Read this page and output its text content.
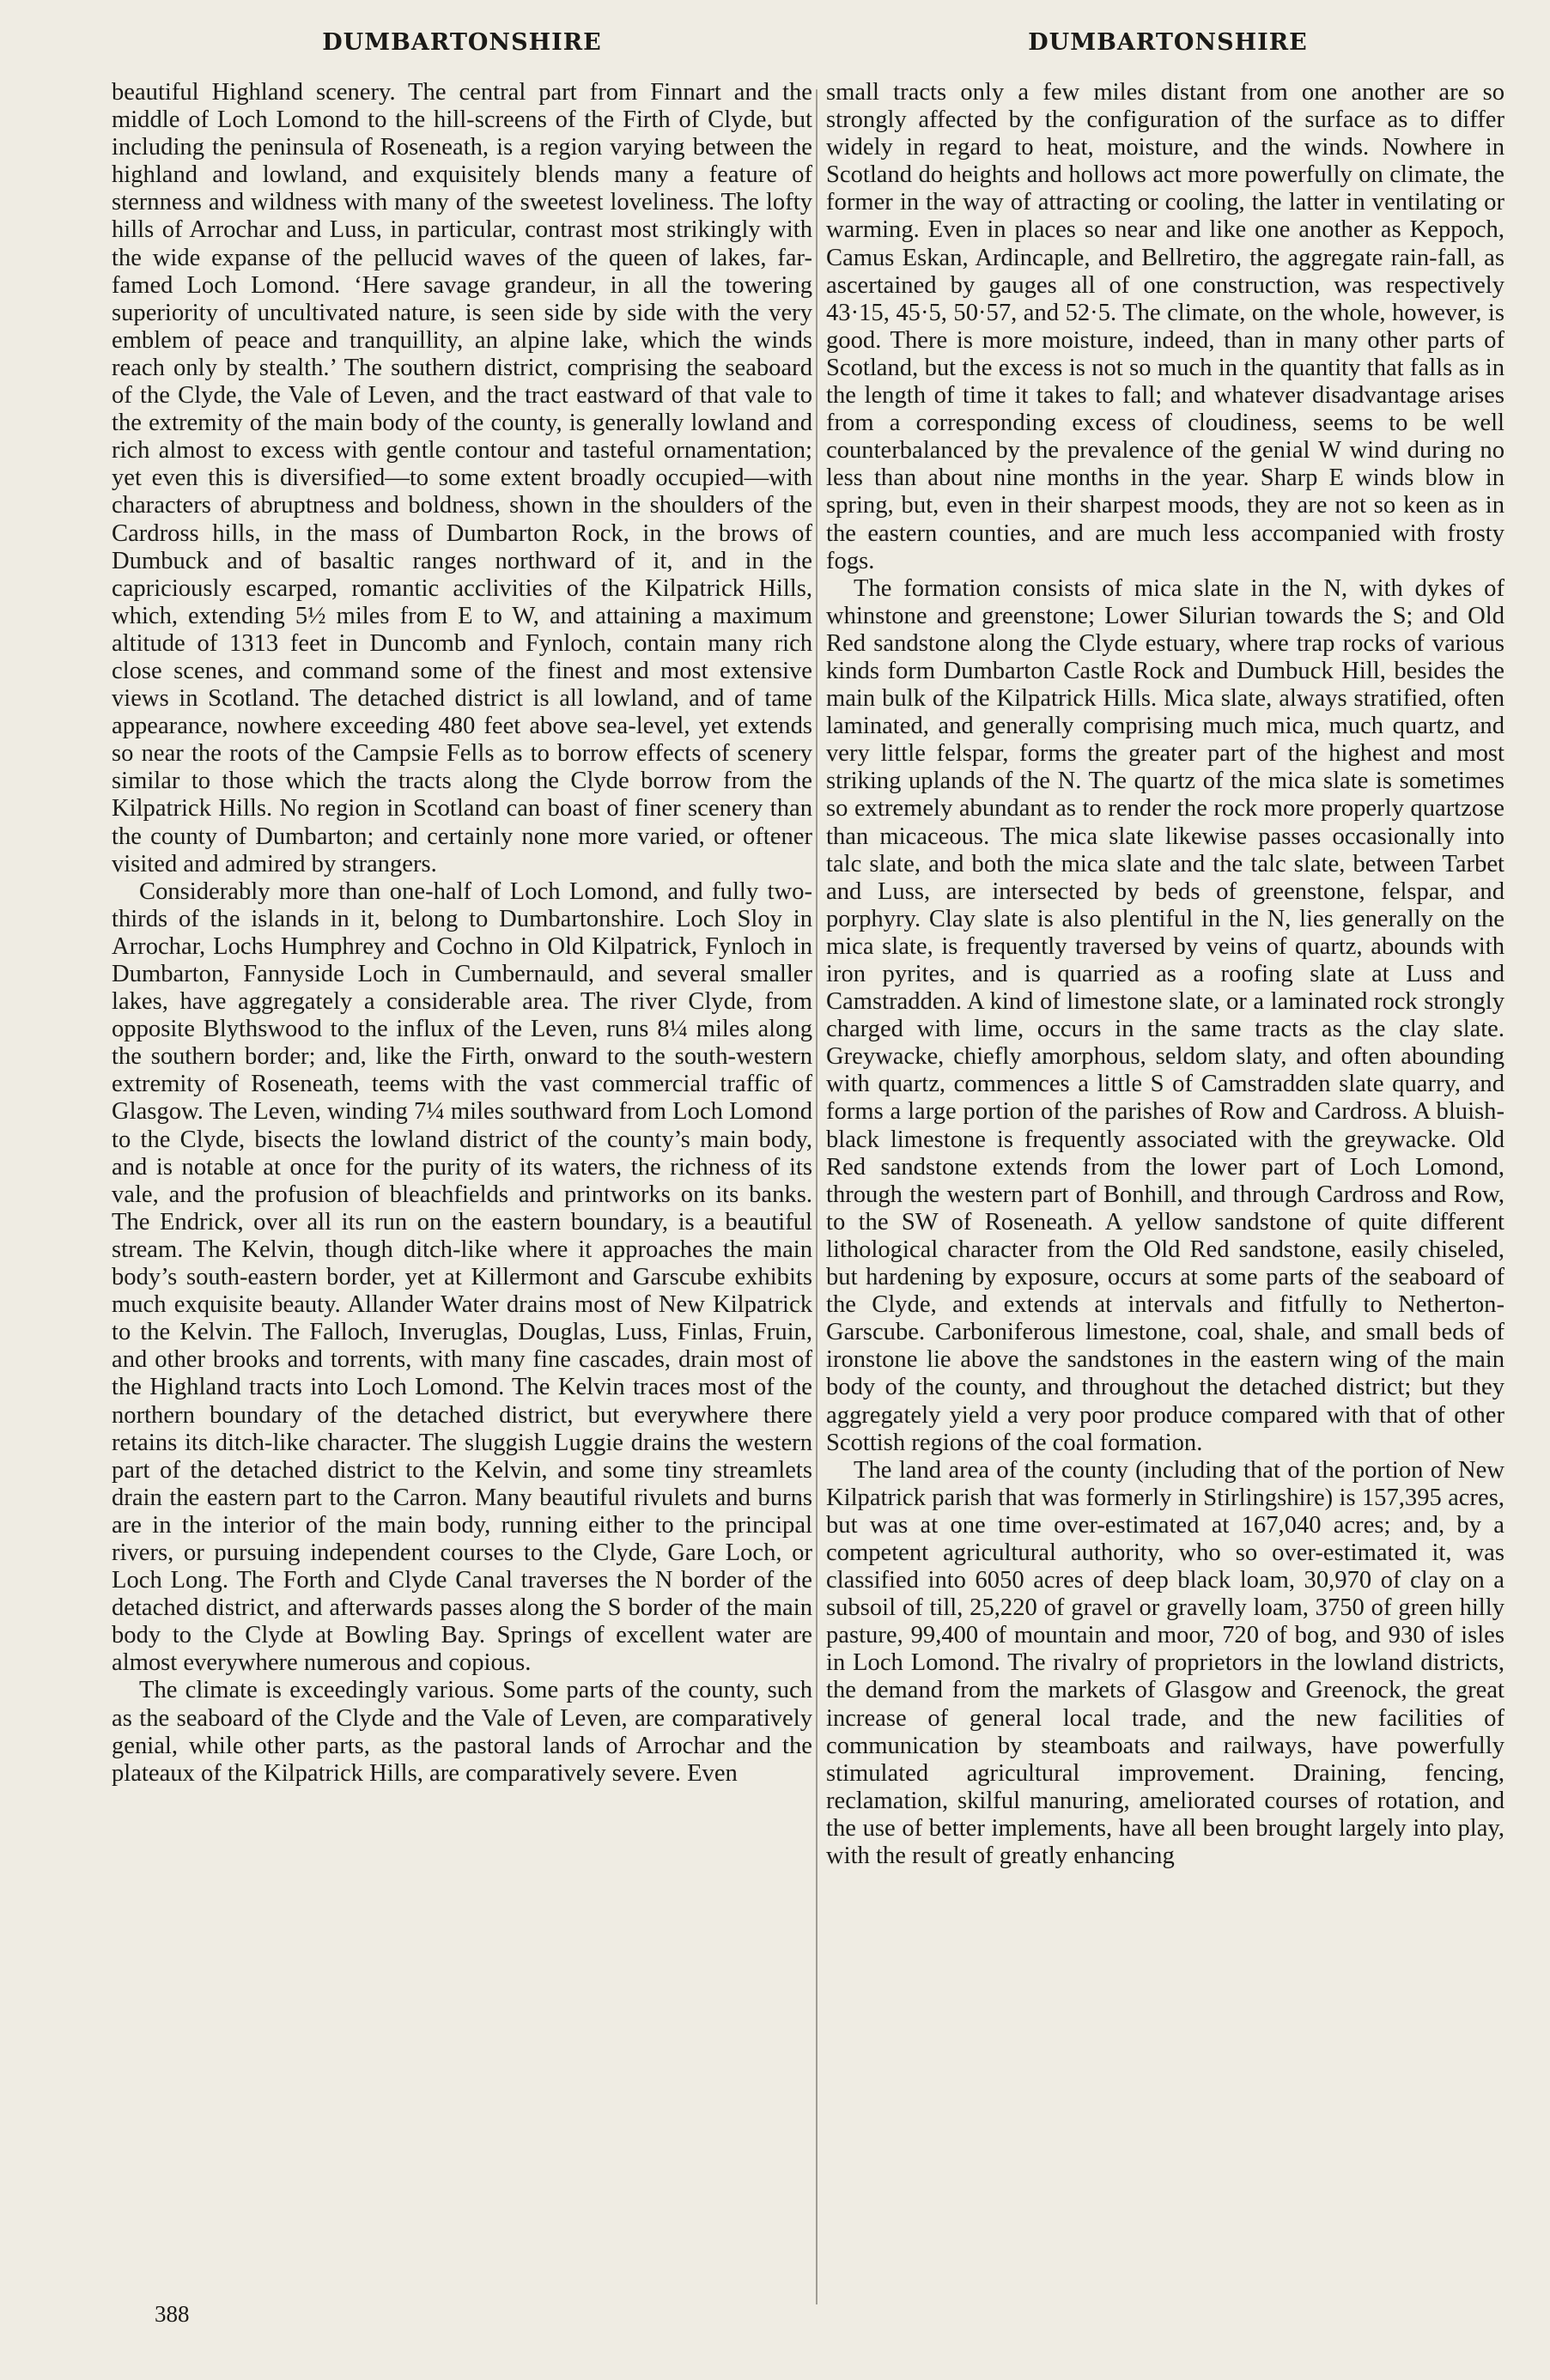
DUMBARTONSHIRE	DUMBARTONSHIRE

beautiful Highland scenery. The central part from Finnart and the middle of Loch Lomond to the hill-screens of the Firth of Clyde, but including the peninsula of Roseneath, is a region varying between the highland and lowland, and exquisitely blends many a feature of sternness and wildness with many of the sweetest loveliness. The lofty hills of Arrochar and Luss, in particular, contrast most strikingly with the wide expanse of the pellucid waves of the queen of lakes, far-famed Loch Lomond. ‘Here savage grandeur, in all the towering superiority of uncultivated nature, is seen side by side with the very emblem of peace and tranquillity, an alpine lake, which the winds reach only by stealth.’ The southern district, comprising the seaboard of the Clyde, the Vale of Leven, and the tract eastward of that vale to the extremity of the main body of the county, is generally lowland and rich almost to excess with gentle contour and tasteful ornamentation; yet even this is diversified—to some extent broadly occupied—with characters of abruptness and boldness, shown in the shoulders of the Cardross hills, in the mass of Dumbarton Rock, in the brows of Dumbuck and of basaltic ranges northward of it, and in the capriciously escarped, romantic acclivities of the Kilpatrick Hills, which, extending 5½ miles from E to W, and attaining a maximum altitude of 1313 feet in Duncomb and Fynloch, contain many rich close scenes, and command some of the finest and most extensive views in Scotland. The detached district is all lowland, and of tame appearance, nowhere exceeding 480 feet above sea-level, yet extends so near the roots of the Campsie Fells as to borrow effects of scenery similar to those which the tracts along the Clyde borrow from the Kilpatrick Hills. No region in Scotland can boast of finer scenery than the county of Dumbarton; and certainly none more varied, or oftener visited and admired by strangers.

Considerably more than one-half of Loch Lomond, and fully two-thirds of the islands in it, belong to Dumbartonshire. Loch Sloy in Arrochar, Lochs Humphrey and Cochno in Old Kilpatrick, Fynloch in Dumbarton, Fannyside Loch in Cumbernauld, and several smaller lakes, have aggregately a considerable area. The river Clyde, from opposite Blythswood to the influx of the Leven, runs 8¼ miles along the southern border; and, like the Firth, onward to the south-western extremity of Roseneath, teems with the vast commercial traffic of Glasgow. The Leven, winding 7¼ miles southward from Loch Lomond to the Clyde, bisects the lowland district of the county’s main body, and is notable at once for the purity of its waters, the richness of its vale, and the profusion of bleachfields and printworks on its banks. The Endrick, over all its run on the eastern boundary, is a beautiful stream. The Kelvin, though ditch-like where it approaches the main body’s south-eastern border, yet at Killermont and Garscube exhibits much exquisite beauty. Allander Water drains most of New Kilpatrick to the Kelvin. The Falloch, Inveruglas, Douglas, Luss, Finlas, Fruin, and other brooks and torrents, with many fine cascades, drain most of the Highland tracts into Loch Lomond. The Kelvin traces most of the northern boundary of the detached district, but everywhere there retains its ditch-like character. The sluggish Luggie drains the western part of the detached district to the Kelvin, and some tiny streamlets drain the eastern part to the Carron. Many beautiful rivulets and burns are in the interior of the main body, running either to the principal rivers, or pursuing independent courses to the Clyde, Gare Loch, or Loch Long. The Forth and Clyde Canal traverses the N border of the detached district, and afterwards passes along the S border of the main body to the Clyde at Bowling Bay. Springs of excellent water are almost everywhere numerous and copious.

The climate is exceedingly various. Some parts of the county, such as the seaboard of the Clyde and the Vale of Leven, are comparatively genial, while other parts, as the pastoral lands of Arrochar and the plateaux of the Kilpatrick Hills, are comparatively severe. Even

small tracts only a few miles distant from one another are so strongly affected by the configuration of the surface as to differ widely in regard to heat, moisture, and the winds. Nowhere in Scotland do heights and hollows act more powerfully on climate, the former in the way of attracting or cooling, the latter in ventilating or warming. Even in places so near and like one another as Keppoch, Camus Eskan, Ardincaple, and Bellretiro, the aggregate rain-fall, as ascertained by gauges all of one construction, was respectively 43·15, 45·5, 50·57, and 52·5. The climate, on the whole, however, is good. There is more moisture, indeed, than in many other parts of Scotland, but the excess is not so much in the quantity that falls as in the length of time it takes to fall; and whatever disadvantage arises from a corresponding excess of cloudiness, seems to be well counterbalanced by the prevalence of the genial W wind during no less than about nine months in the year. Sharp E winds blow in spring, but, even in their sharpest moods, they are not so keen as in the eastern counties, and are much less accompanied with frosty fogs.

The formation consists of mica slate in the N, with dykes of whinstone and greenstone; Lower Silurian towards the S; and Old Red sandstone along the Clyde estuary, where trap rocks of various kinds form Dumbarton Castle Rock and Dumbuck Hill, besides the main bulk of the Kilpatrick Hills. Mica slate, always stratified, often laminated, and generally comprising much mica, much quartz, and very little felspar, forms the greater part of the highest and most striking uplands of the N. The quartz of the mica slate is sometimes so extremely abundant as to render the rock more properly quartzose than micaceous. The mica slate likewise passes occasionally into talc slate, and both the mica slate and the talc slate, between Tarbet and Luss, are intersected by beds of greenstone, felspar, and porphyry. Clay slate is also plentiful in the N, lies generally on the mica slate, is frequently traversed by veins of quartz, abounds with iron pyrites, and is quarried as a roofing slate at Luss and Camstradden. A kind of limestone slate, or a laminated rock strongly charged with lime, occurs in the same tracts as the clay slate. Greywacke, chiefly amorphous, seldom slaty, and often abounding with quartz, commences a little S of Camstradden slate quarry, and forms a large portion of the parishes of Row and Cardross. A bluish-black limestone is frequently associated with the greywacke. Old Red sandstone extends from the lower part of Loch Lomond, through the western part of Bonhill, and through Cardross and Row, to the SW of Roseneath. A yellow sandstone of quite different lithological character from the Old Red sandstone, easily chiseled, but hardening by exposure, occurs at some parts of the seaboard of the Clyde, and extends at intervals and fitfully to Netherton-Garscube. Carboniferous limestone, coal, shale, and small beds of ironstone lie above the sandstones in the eastern wing of the main body of the county, and throughout the detached district; but they aggregately yield a very poor produce compared with that of other Scottish regions of the coal formation.

The land area of the county (including that of the portion of New Kilpatrick parish that was formerly in Stirlingshire) is 157,395 acres, but was at one time over-estimated at 167,040 acres; and, by a competent agricultural authority, who so over-estimated it, was classified into 6050 acres of deep black loam, 30,970 of clay on a subsoil of till, 25,220 of gravel or gravelly loam, 3750 of green hilly pasture, 99,400 of mountain and moor, 720 of bog, and 930 of isles in Loch Lomond. The rivalry of proprietors in the lowland districts, the demand from the markets of Glasgow and Greenock, the great increase of general local trade, and the new facilities of communication by steamboats and railways, have powerfully stimulated agricultural improvement. Draining, fencing, reclamation, skilful manuring, ameliorated courses of rotation, and the use of better implements, have all been brought largely into play, with the result of greatly enhancing

388
